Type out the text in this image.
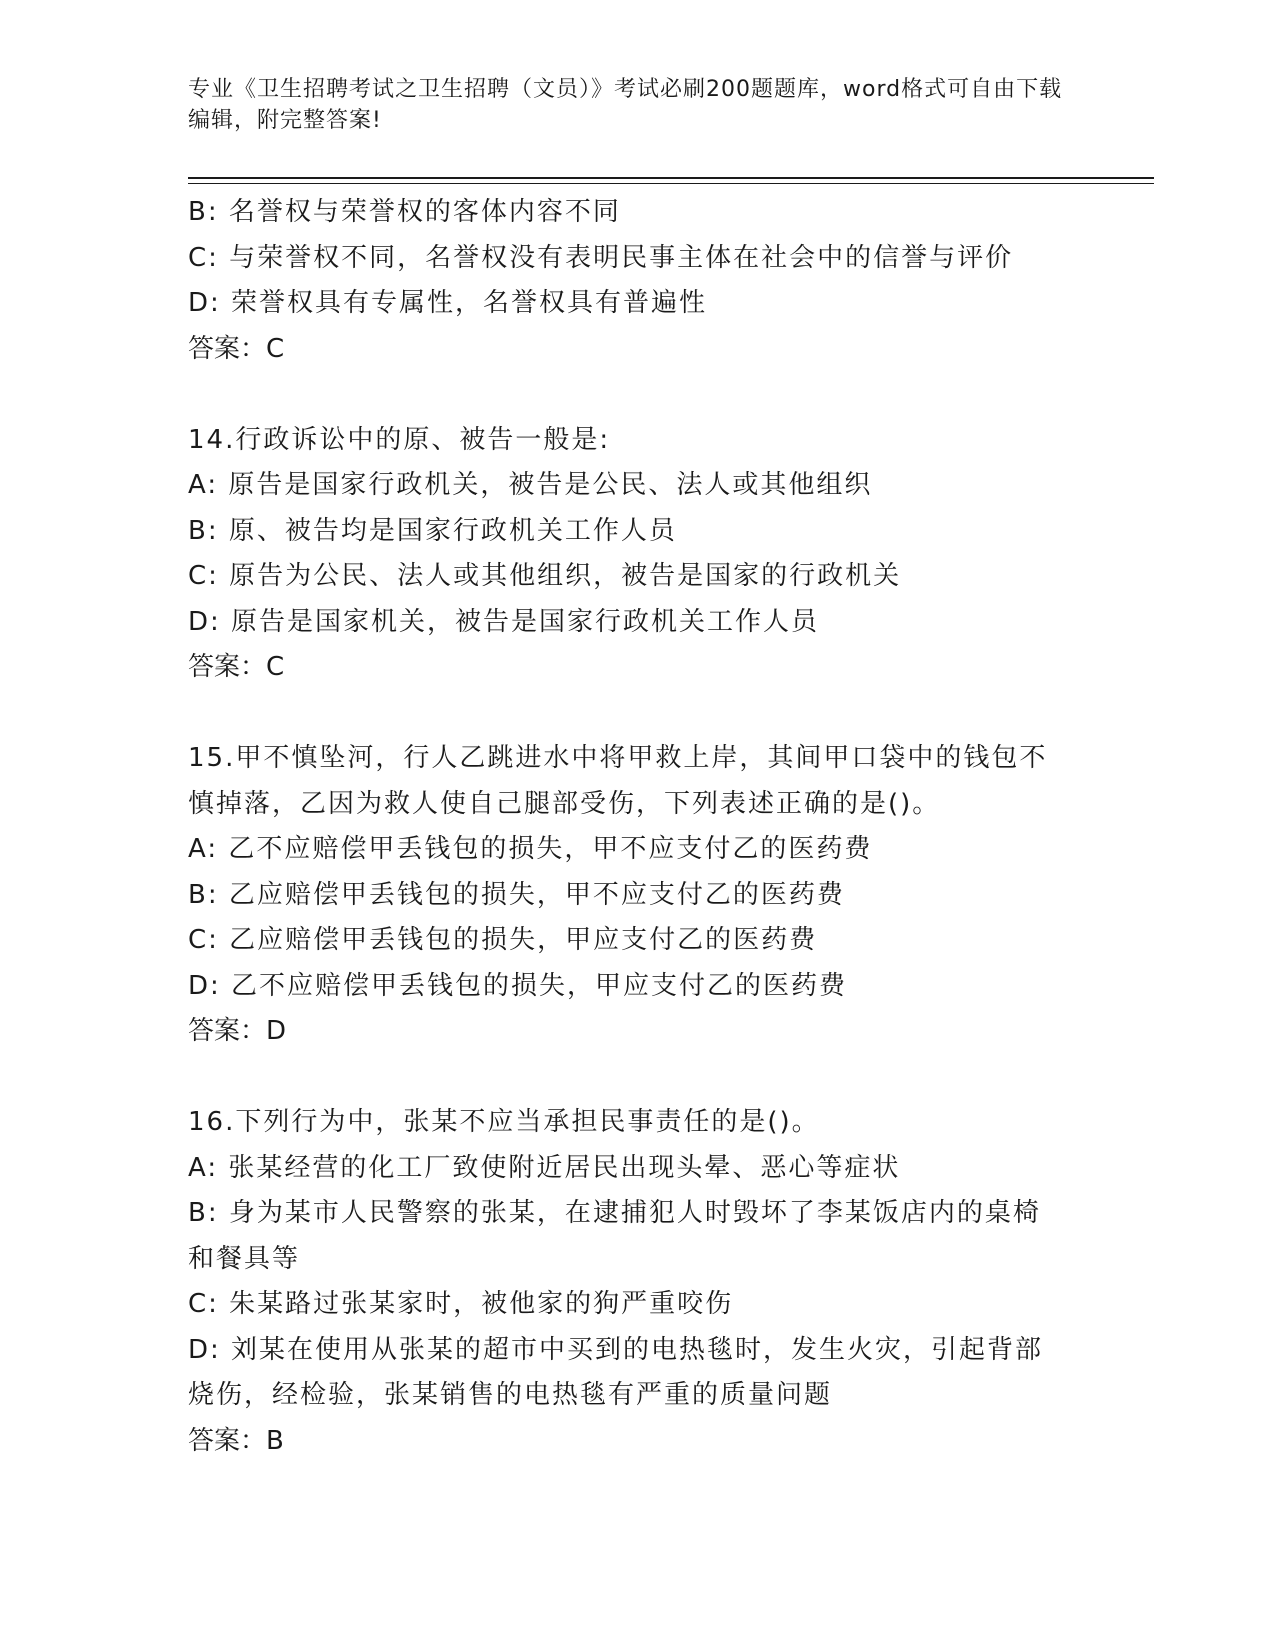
专业《卫生招聘考试之卫生招聘（文员）》考试必刷200题题库，word格式可自由下载编辑，附完整答案!
B: 名誉权与荣誉权的客体内容不同
C: 与荣誉权不同，名誉权没有表明民事主体在社会中的信誉与评价
D: 荣誉权具有专属性，名誉权具有普遍性
答案：C
14.行政诉讼中的原、被告一般是:
A: 原告是国家行政机关，被告是公民、法人或其他组织
B: 原、被告均是国家行政机关工作人员
C: 原告为公民、法人或其他组织，被告是国家的行政机关
D: 原告是国家机关，被告是国家行政机关工作人员
答案：C
15.甲不慎坠河，行人乙跳进水中将甲救上岸，其间甲口袋中的钱包不
慎掉落，乙因为救人使自己腿部受伤，下列表述正确的是()。
A: 乙不应赔偿甲丢钱包的损失，甲不应支付乙的医药费
B: 乙应赔偿甲丢钱包的损失，甲不应支付乙的医药费
C: 乙应赔偿甲丢钱包的损失，甲应支付乙的医药费
D: 乙不应赔偿甲丢钱包的损失，甲应支付乙的医药费
答案：D
16.下列行为中，张某不应当承担民事责任的是()。
A: 张某经营的化工厂致使附近居民出现头晕、恶心等症状
B: 身为某市人民警察的张某，在逮捕犯人时毁坏了李某饭店内的桌椅
和餐具等
C: 朱某路过张某家时，被他家的狗严重咬伤
D: 刘某在使用从张某的超市中买到的电热毯时，发生火灾，引起背部
烧伤，经检验，张某销售的电热毯有严重的质量问题
答案：B
